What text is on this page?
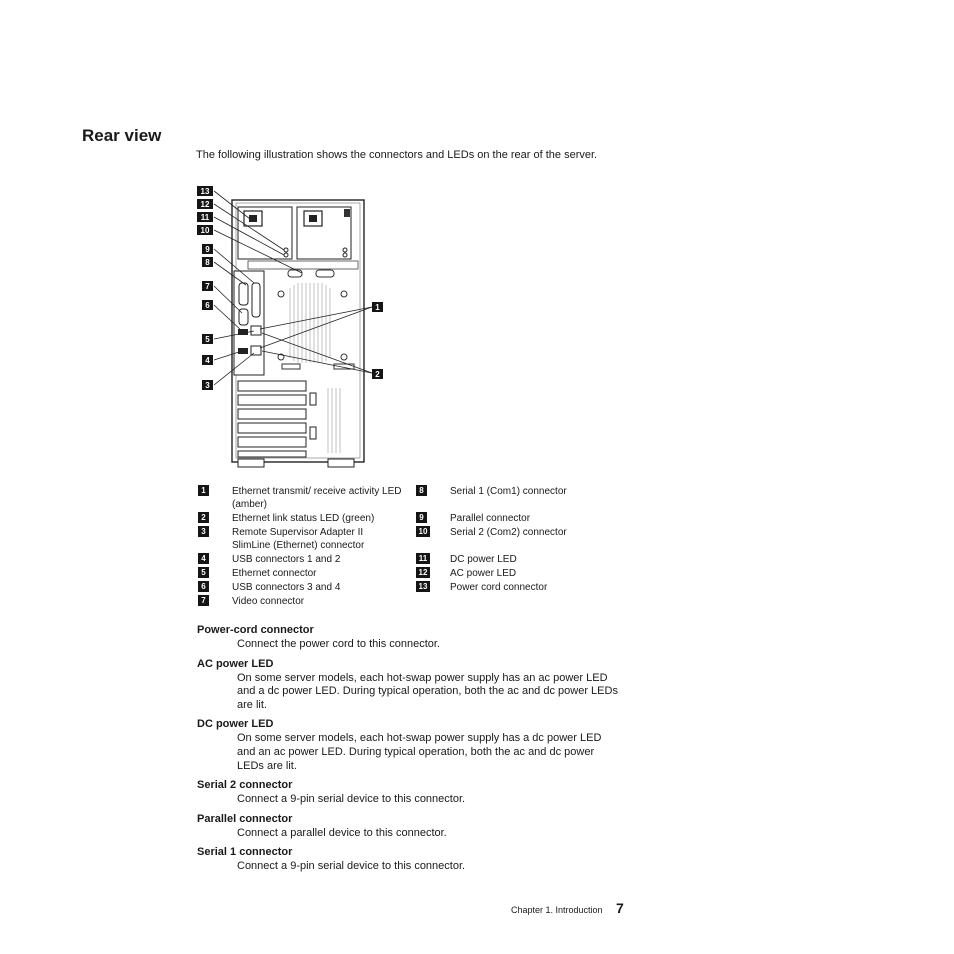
Rear view

The following illustration shows the connectors and LEDs on the rear of the server.

13
12
11
10
9
8
7
6
5
4
3
1
2
1	Ethernet transmit/ receive activity LED (amber)
2	Ethernet link status LED (green)
3	Remote Supervisor Adapter II SlimLine (Ethernet) connector
4	USB connectors 1 and 2
5	Ethernet connector
6	USB connectors 3 and 4
7	Video connector
8	Serial 1 (Com1) connector
9	Parallel connector
10 Serial 2 (Com2) connector
11 DC power LED
12 AC power LED
13 Power cord connector
Power-cord connector
Connect the power cord to this connector.
AC power LED
On some server models, each hot-swap power supply has an ac power LED and a dc power LED. During typical operation, both the ac and dc power LEDs are lit.
DC power LED
On some server models, each hot-swap power supply has a dc power LED and an ac power LED. During typical operation, both the ac and dc power LEDs are lit.
Serial 2 connector
Connect a 9-pin serial device to this connector.
Parallel connector
Connect a parallel device to this connector.
Serial 1 connector
Connect a 9-pin serial device to this connector.
Chapter 1. Introduction 7
